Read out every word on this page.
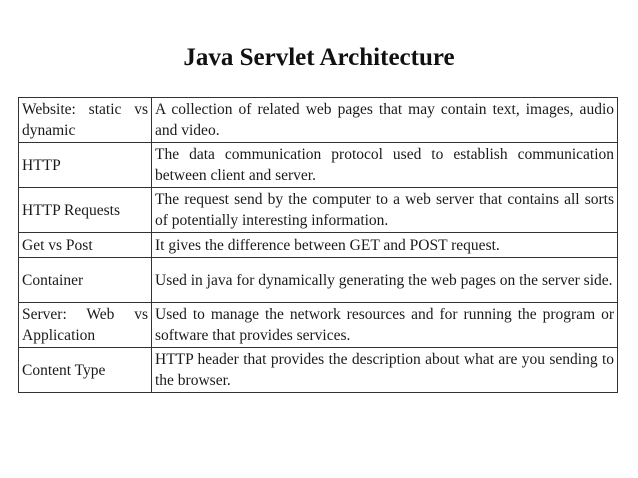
Java Servlet Architecture
Website: static vs dynamic	A collection of related web pages that may contain text, images, audio and video.
HTTP	The data communication protocol used to establish communication between client and server.
HTTP Requests	The request send by the computer to a web server that contains all sorts of potentially interesting information.
Get vs Post	It gives the difference between GET and POST request.
Container	Used in java for dynamically generating the web pages on the server side.
Server: Web vs Application	Used to manage the network resources and for running the program or software that provides services.
Content Type	HTTP header that provides the description about what are you sending to the browser.
